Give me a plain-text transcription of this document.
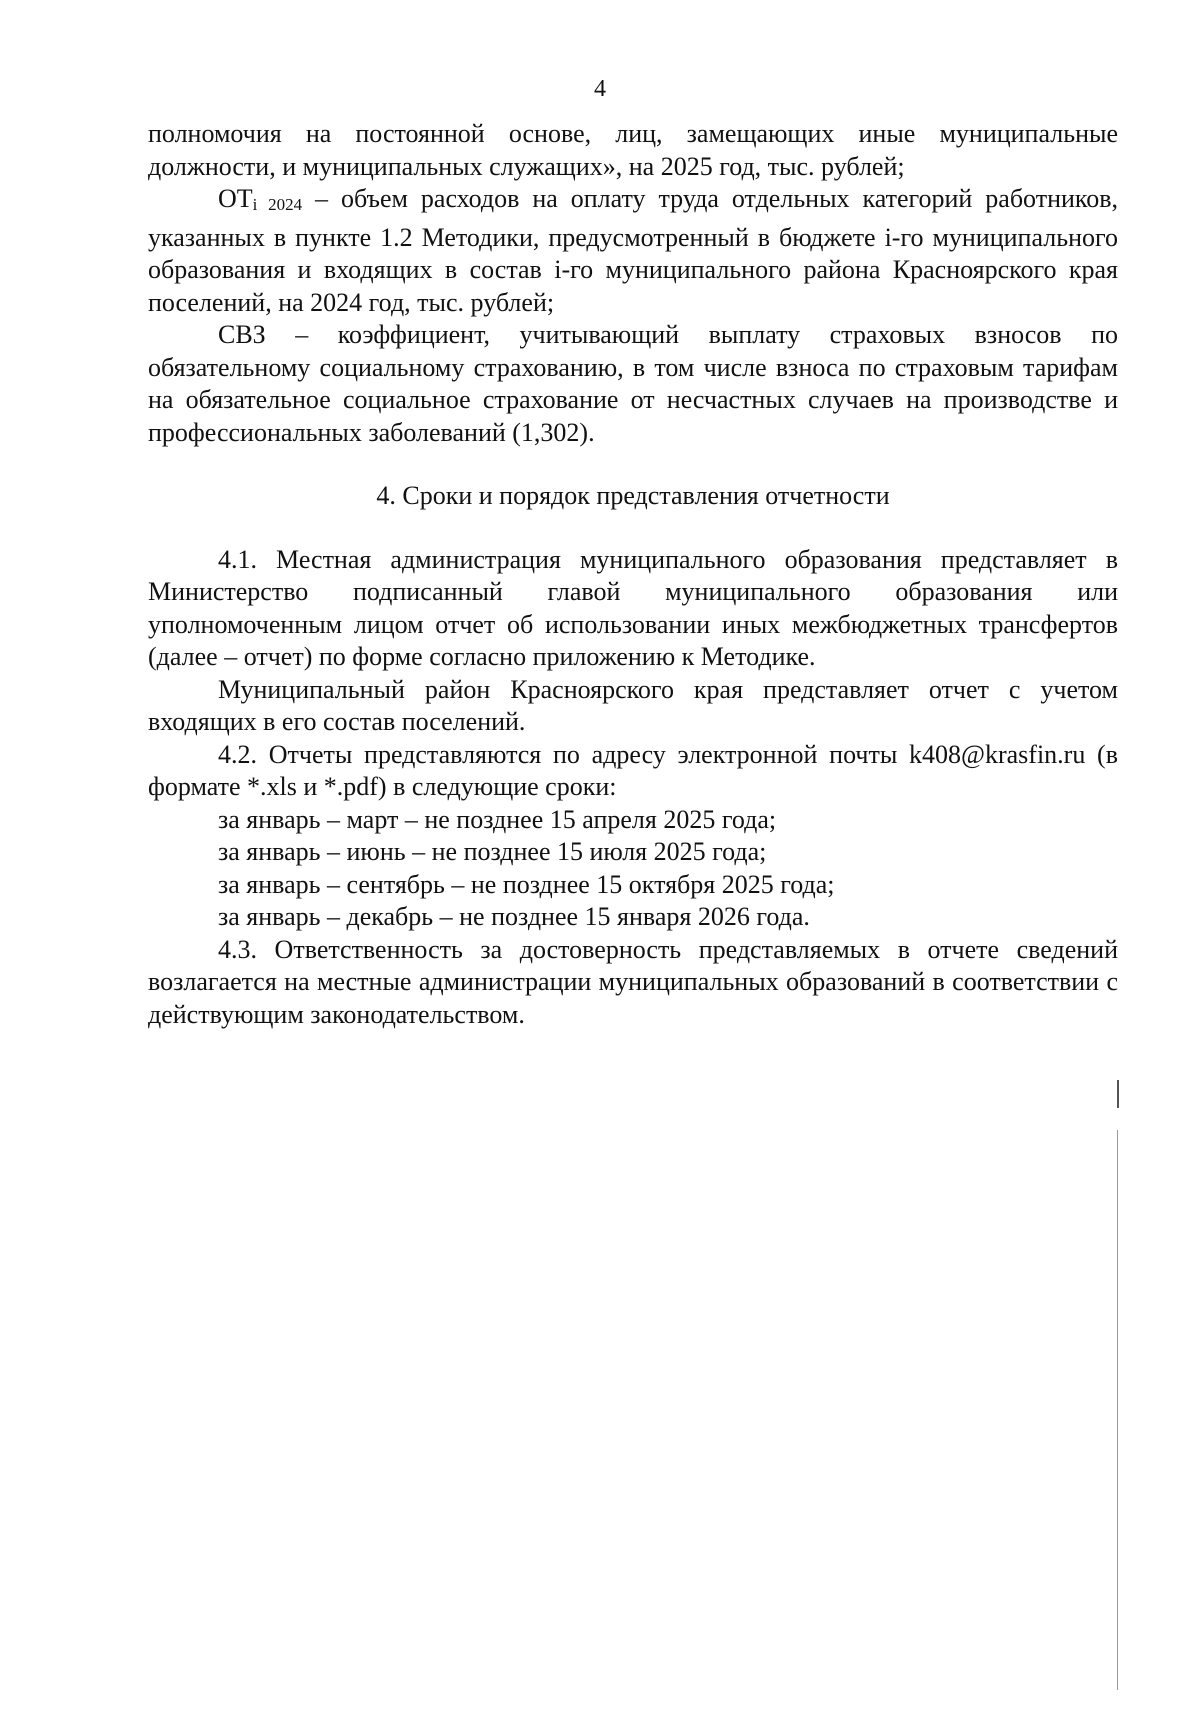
4

полномочия на постоянной основе, лиц, замещающих иные муниципальные должности, и муниципальных служащих», на 2025 год, тыс. рублей;

ОТi 2024 – объем расходов на оплату труда отдельных категорий работников, указанных в пункте 1.2 Методики, предусмотренный в бюджете i-го муниципального образования и входящих в состав i-го муниципального района Красноярского края поселений, на 2024 год, тыс. рублей;

СВЗ – коэффициент, учитывающий выплату страховых взносов по обязательному социальному страхованию, в том числе взноса по страховым тарифам на обязательное социальное страхование от несчастных случаев на производстве и профессиональных заболеваний (1,302).

4. Сроки и порядок представления отчетности

4.1. Местная администрация муниципального образования представляет в Министерство подписанный главой муниципального образования или уполномоченным лицом отчет об использовании иных межбюджетных трансфертов (далее – отчет) по форме согласно приложению к Методике.

Муниципальный район Красноярского края представляет отчет с учетом входящих в его состав поселений.

4.2. Отчеты представляются по адресу электронной почты k408@krasfin.ru (в формате *.xls и *.pdf) в следующие сроки:

за январь – март – не позднее 15 апреля 2025 года;

за январь – июнь – не позднее 15 июля 2025 года;

за январь – сентябрь – не позднее 15 октября 2025 года;

за январь – декабрь – не позднее 15 января 2026 года.

4.3. Ответственность за достоверность представляемых в отчете сведений возлагается на местные администрации муниципальных образований в соответствии с действующим законодательством.
